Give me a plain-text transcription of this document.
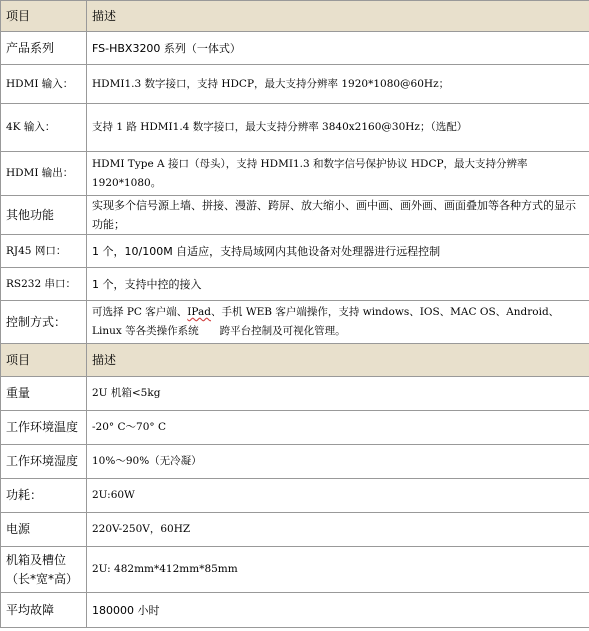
项目	描述
产品系列	FS-HBX3200 系列（一体式）
HDMI 输入：	HDMI1.3 数字接口，支持 HDCP，最大支持分辨率 1920*1080@60Hz；
4K 输入：	支持 1 路 HDMI1.4 数字接口，最大支持分辨率 3840x2160@30Hz；（选配）
HDMI 输出：	HDMI Type A 接口（母头），支持 HDMI1.3 和数字信号保护协议 HDCP，最大支持分辨率 1920*1080。
其他功能	实现多个信号源上墙、拼接、漫游、跨屏、放大缩小、画中画、画外画、画面叠加等各种方式的显示功能；
RJ45 网口：	1 个，10/100M 自适应，支持局域网内其他设备对处理器进行远程控制
RS232 串口：	1 个，支持中控的接入
控制方式：	可选择 PC 客户端、IPad、手机 WEB 客户端操作，支持 windows、IOS、MAC OS、Android、Linux 等各类操作系统　　跨平台控制及可视化管理。
项目	描述
重量	2U 机箱<5kg
工作环境温度	-20° C～70° C
工作环境湿度	10%～90%（无冷凝）
功耗：	2U:60W
电源	220V-250V，60HZ
机箱及槽位（长*宽*高）	2U: 482mm*412mm*85mm
平均故障	180000 小时
